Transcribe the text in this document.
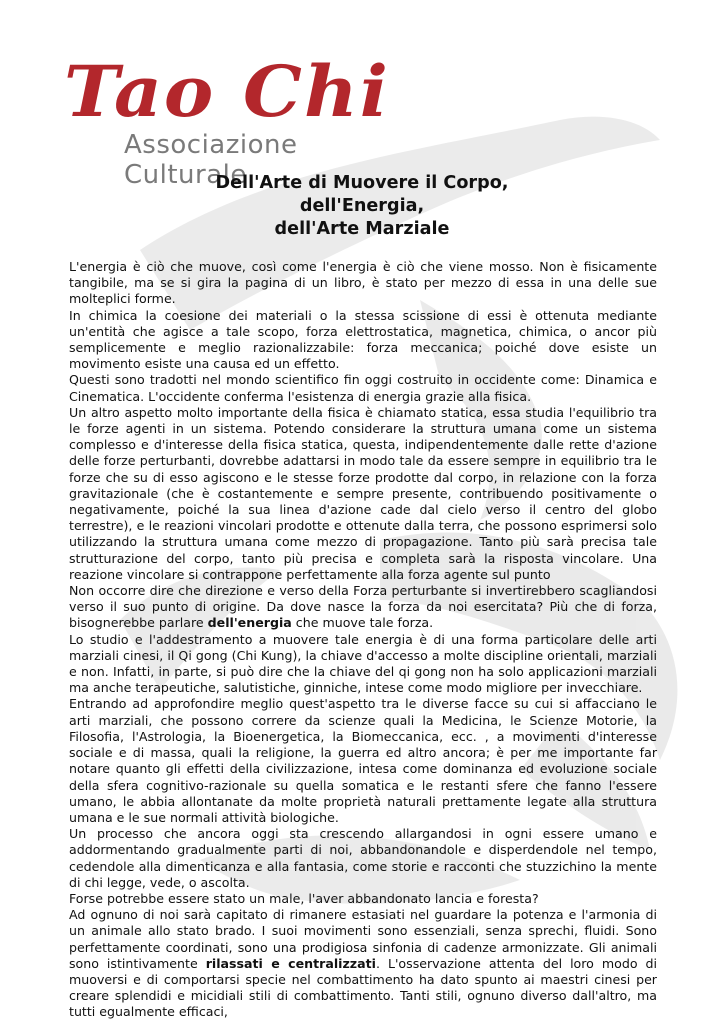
Tao Chi
Associazione Culturale
Dell'Arte di Muovere il Corpo,
dell'Energia,
dell'Arte Marziale

L'energia è ciò che muove, così come l'energia è ciò che viene mosso. Non è fisicamente tangibile, ma se si gira la pagina di un libro, è stato per mezzo di essa in una delle sue molteplici forme.

In chimica la coesione dei materiali o la stessa scissione di essi è ottenuta mediante un'entità che agisce a tale scopo, forza elettrostatica, magnetica, chimica, o ancor più semplicemente e meglio razionalizzabile: forza meccanica; poiché dove esiste un movimento esiste una causa ed un effetto.

Questi sono tradotti nel mondo scientifico fin oggi costruito in occidente come: Dinamica e Cinematica. L'occidente conferma l'esistenza di energia grazie alla fisica.

Un altro aspetto molto importante della fisica è chiamato statica, essa studia l'equilibrio tra le forze agenti in un sistema. Potendo considerare la struttura umana come un sistema complesso e d'interesse della fisica statica, questa, indipendentemente dalle rette d'azione delle forze perturbanti, dovrebbe adattarsi in modo tale da essere sempre in equilibrio tra le forze che su di esso agiscono e le stesse forze prodotte dal corpo, in relazione con la forza gravitazionale (che è costantemente e sempre presente, contribuendo positivamente o negativamente, poiché la sua linea d'azione cade dal cielo verso il centro del globo terrestre), e le reazioni vincolari prodotte e ottenute dalla terra, che possono esprimersi solo utilizzando la struttura umana come mezzo di propagazione. Tanto più sarà precisa tale strutturazione del corpo, tanto più precisa e completa sarà la risposta vincolare. Una reazione vincolare si contrappone perfettamente alla forza agente sul punto

Non occorre dire che direzione e verso della Forza perturbante si invertirebbero scagliandosi verso il suo punto di origine. Da dove nasce la forza da noi esercitata? Più che di forza, bisognerebbe parlare dell'energia che muove tale forza.

Lo studio e l'addestramento a muovere tale energia è di una forma particolare delle arti marziali cinesi, il Qi gong (Chi Kung), la chiave d'accesso a molte discipline orientali, marziali e non. Infatti, in parte, si può dire che la chiave del qi gong non ha solo applicazioni marziali ma anche terapeutiche, salutistiche, ginniche, intese come modo migliore per invecchiare.

Entrando ad approfondire meglio quest'aspetto tra le diverse facce su cui si affacciano le arti marziali, che possono correre da scienze quali la Medicina, le Scienze Motorie, la Filosofia, l'Astrologia, la Bioenergetica, la Biomeccanica, ecc. , a movimenti d'interesse sociale e di massa, quali la religione, la guerra ed altro ancora; è per me importante far notare quanto gli effetti della civilizzazione, intesa come dominanza ed evoluzione sociale della sfera cognitivo-razionale su quella somatica e le restanti sfere che fanno l'essere umano, le abbia allontanate da molte proprietà naturali prettamente legate alla struttura umana e le sue normali attività biologiche.

Un processo che ancora oggi sta crescendo allargandosi in ogni essere umano e addormentando gradualmente parti di noi, abbandonandole e disperdendole nel tempo, cedendole alla dimenticanza e alla fantasia, come storie e racconti che stuzzichino la mente di chi legge, vede, o ascolta.

Forse potrebbe essere stato un male, l'aver abbandonato lancia e foresta?

Ad ognuno di noi sarà capitato di rimanere estasiati nel guardare la potenza e l'armonia di un animale allo stato brado. I suoi movimenti sono essenziali, senza sprechi, fluidi. Sono perfettamente coordinati, sono una prodigiosa sinfonia di cadenze armonizzate. Gli animali sono istintivamente rilassati e centralizzati. L'osservazione attenta del loro modo di muoversi e di comportarsi specie nel combattimento ha dato spunto ai maestri cinesi per creare splendidi e micidiali stili di combattimento. Tanti stili, ognuno diverso dall'altro, ma tutti egualmente efficaci,
